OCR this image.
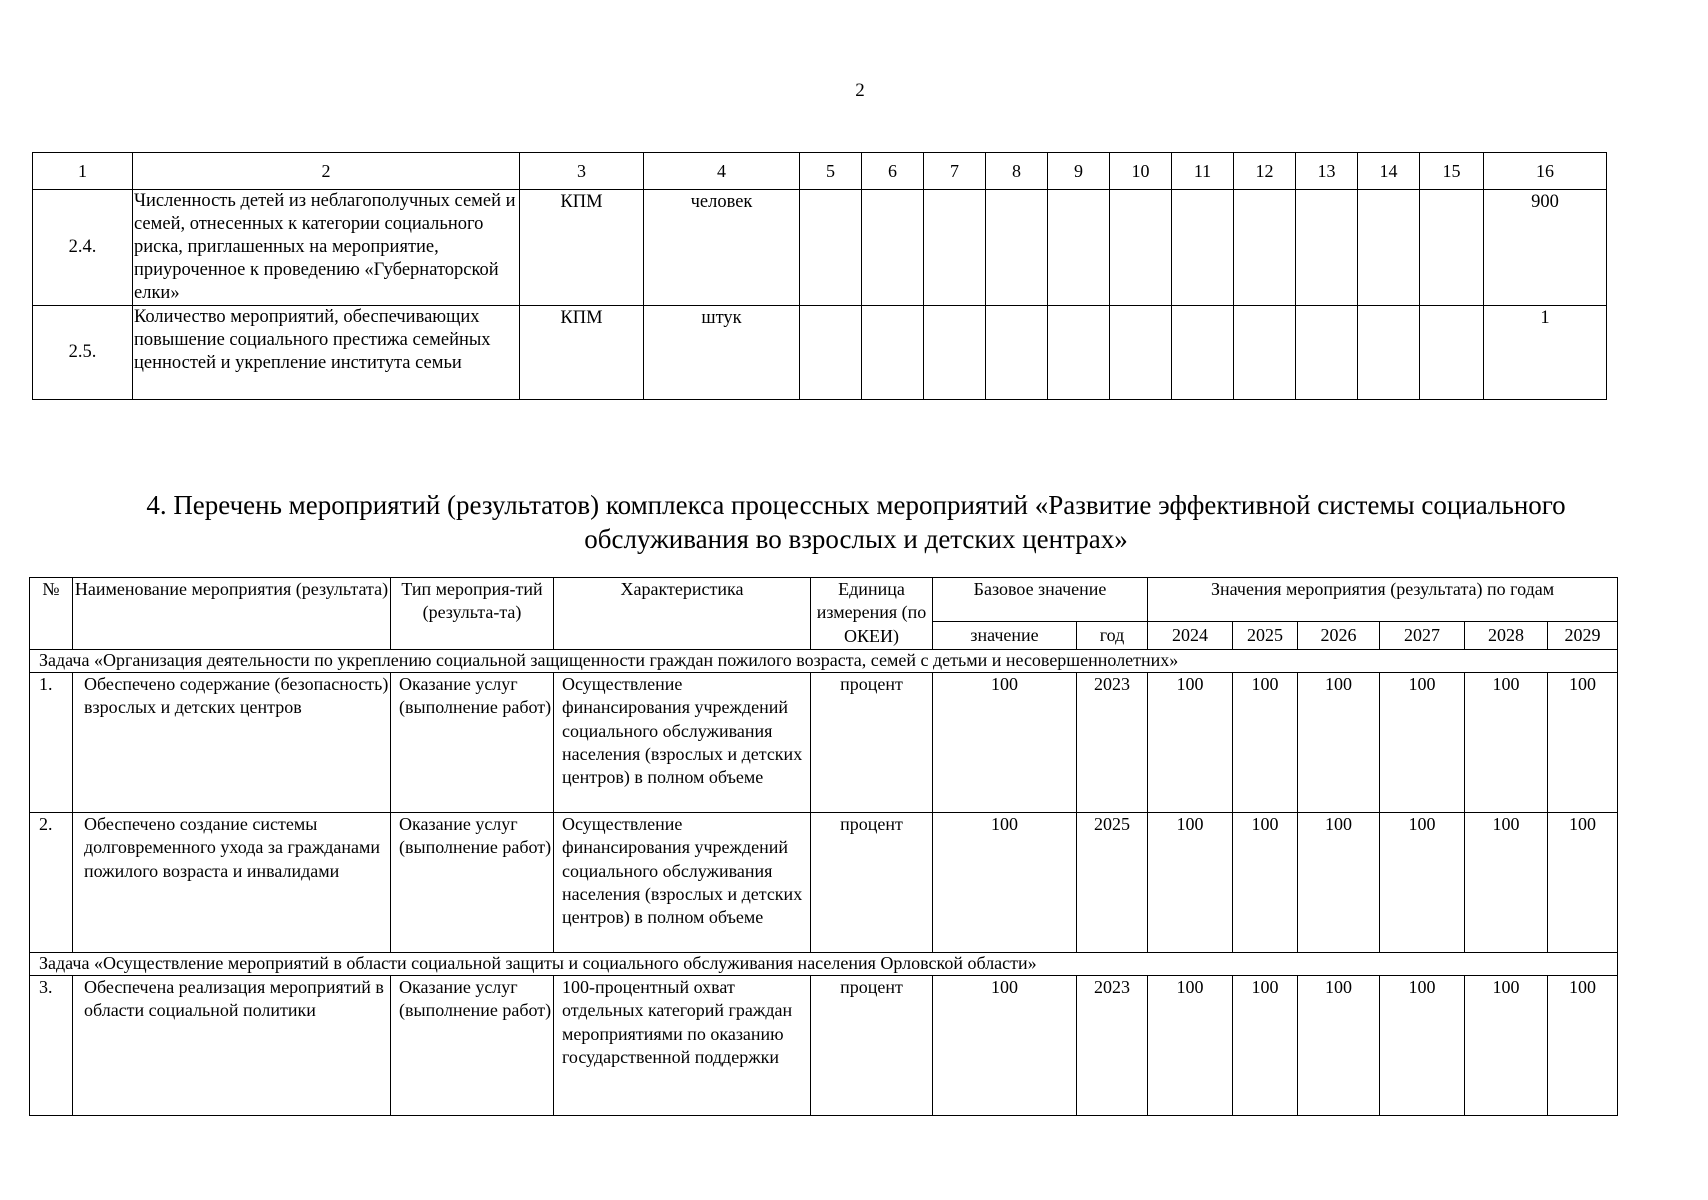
2
1	2	3	4	5	6	7	8	9	10	11	12	13	14	15	16
2.4.	Численность детей из неблагополучных семей и семей, отнесенных к категории социального риска, приглашенных на мероприятие, приуроченное к проведению «Губернаторской елки»	КПМ	человек												900
2.5.	Количество мероприятий, обеспечивающих повышение социального престижа семейных ценностей и укрепление института семьи	КПМ	штук												1
4. Перечень мероприятий (результатов) комплекса процессных мероприятий «Развитие эффективной системы социального обслуживания во взрослых и детских центрах»
№	Наименование мероприятия (результата)	Тип мероприя-тий (результа-та)	Характеристика	Единица измерения (по ОКЕИ)	Базовое значение		Значения мероприятия (результата) по годам					
					значение	год	2024	2025	2026	2027	2028	2029
Задача «Организация деятельности по укреплению социальной защищенности граждан пожилого возраста, семей с детьми и несовершеннолетних»												
1.	Обеспечено содержание (безопасность) взрослых и детских центров	Оказание услуг (выполнение работ)	Осуществление финансирования учреждений социального обслуживания населения (взрослых и детских центров) в полном объеме	процент	100	2023	100	100	100	100	100	100
2.	Обеспечено создание системы долговременного ухода за гражданами пожилого возраста и инвалидами	Оказание услуг (выполнение работ)	Осуществление финансирования учреждений социального обслуживания населения (взрослых и детских центров) в полном объеме	процент	100	2025	100	100	100	100	100	100
Задача «Осуществление мероприятий в области социальной защиты и социального обслуживания населения Орловской области»												
3.	Обеспечена реализация мероприятий в области социальной политики	Оказание услуг (выполнение работ)	100-процентный охват отдельных категорий граждан мероприятиями по оказанию государственной поддержки	процент	100	2023	100	100	100	100	100	100
